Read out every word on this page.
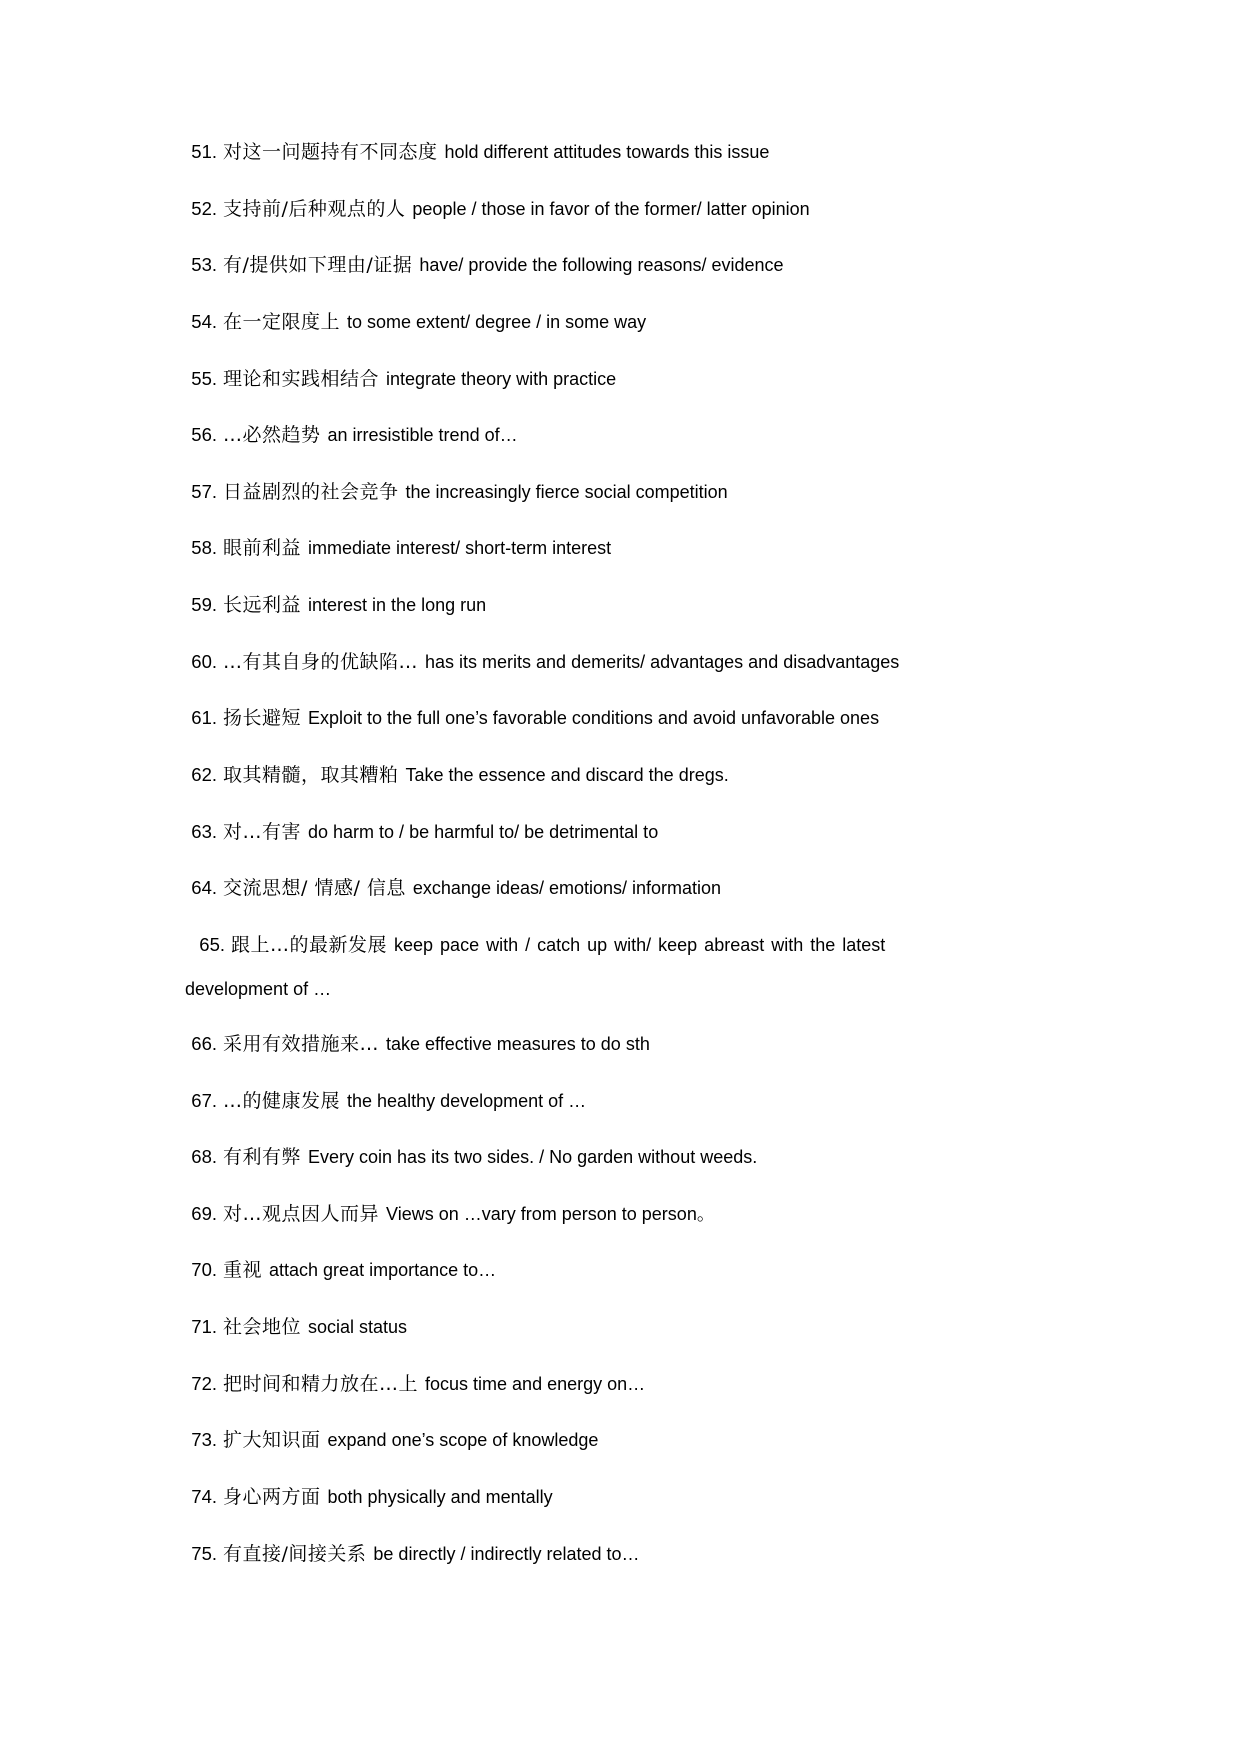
51. 对这一问题持有不同态度 hold different attitudes towards this issue
52. 支持前/后种观点的人 people / those in favor of the former/ latter opinion
53. 有/提供如下理由/证据 have/ provide the following reasons/ evidence
54. 在一定限度上 to some extent/ degree / in some way
55. 理论和实践相结合 integrate theory with practice
56. …必然趋势 an irresistible trend of…
57. 日益剧烈的社会竞争 the increasingly fierce social competition
58. 眼前利益 immediate interest/ short-term interest
59. 长远利益 interest in the long run
60. …有其自身的优缺陷… has its merits and demerits/ advantages and disadvantages
61. 扬长避短 Exploit to the full one’s favorable conditions and avoid unfavorable ones
62. 取其精髓，取其糟粕 Take the essence and discard the dregs.
63. 对…有害 do harm to / be harmful to/ be detrimental to
64. 交流思想/ 情感/ 信息 exchange ideas/ emotions/ information
65. 跟上…的最新发展 keep pace with / catch up with/ keep abreast with the latest
development of …
66. 采用有效措施来… take effective measures to do sth
67. …的健康发展 the healthy development of …
68. 有利有弊 Every coin has its two sides. / No garden without weeds.
69. 对…观点因人而异 Views on …vary from person to person。
70. 重视 attach great importance to…
71. 社会地位 social status
72. 把时间和精力放在…上 focus time and energy on…
73. 扩大知识面 expand one’s scope of knowledge
74. 身心两方面 both physically and mentally
75. 有直接/间接关系 be directly / indirectly related to…
